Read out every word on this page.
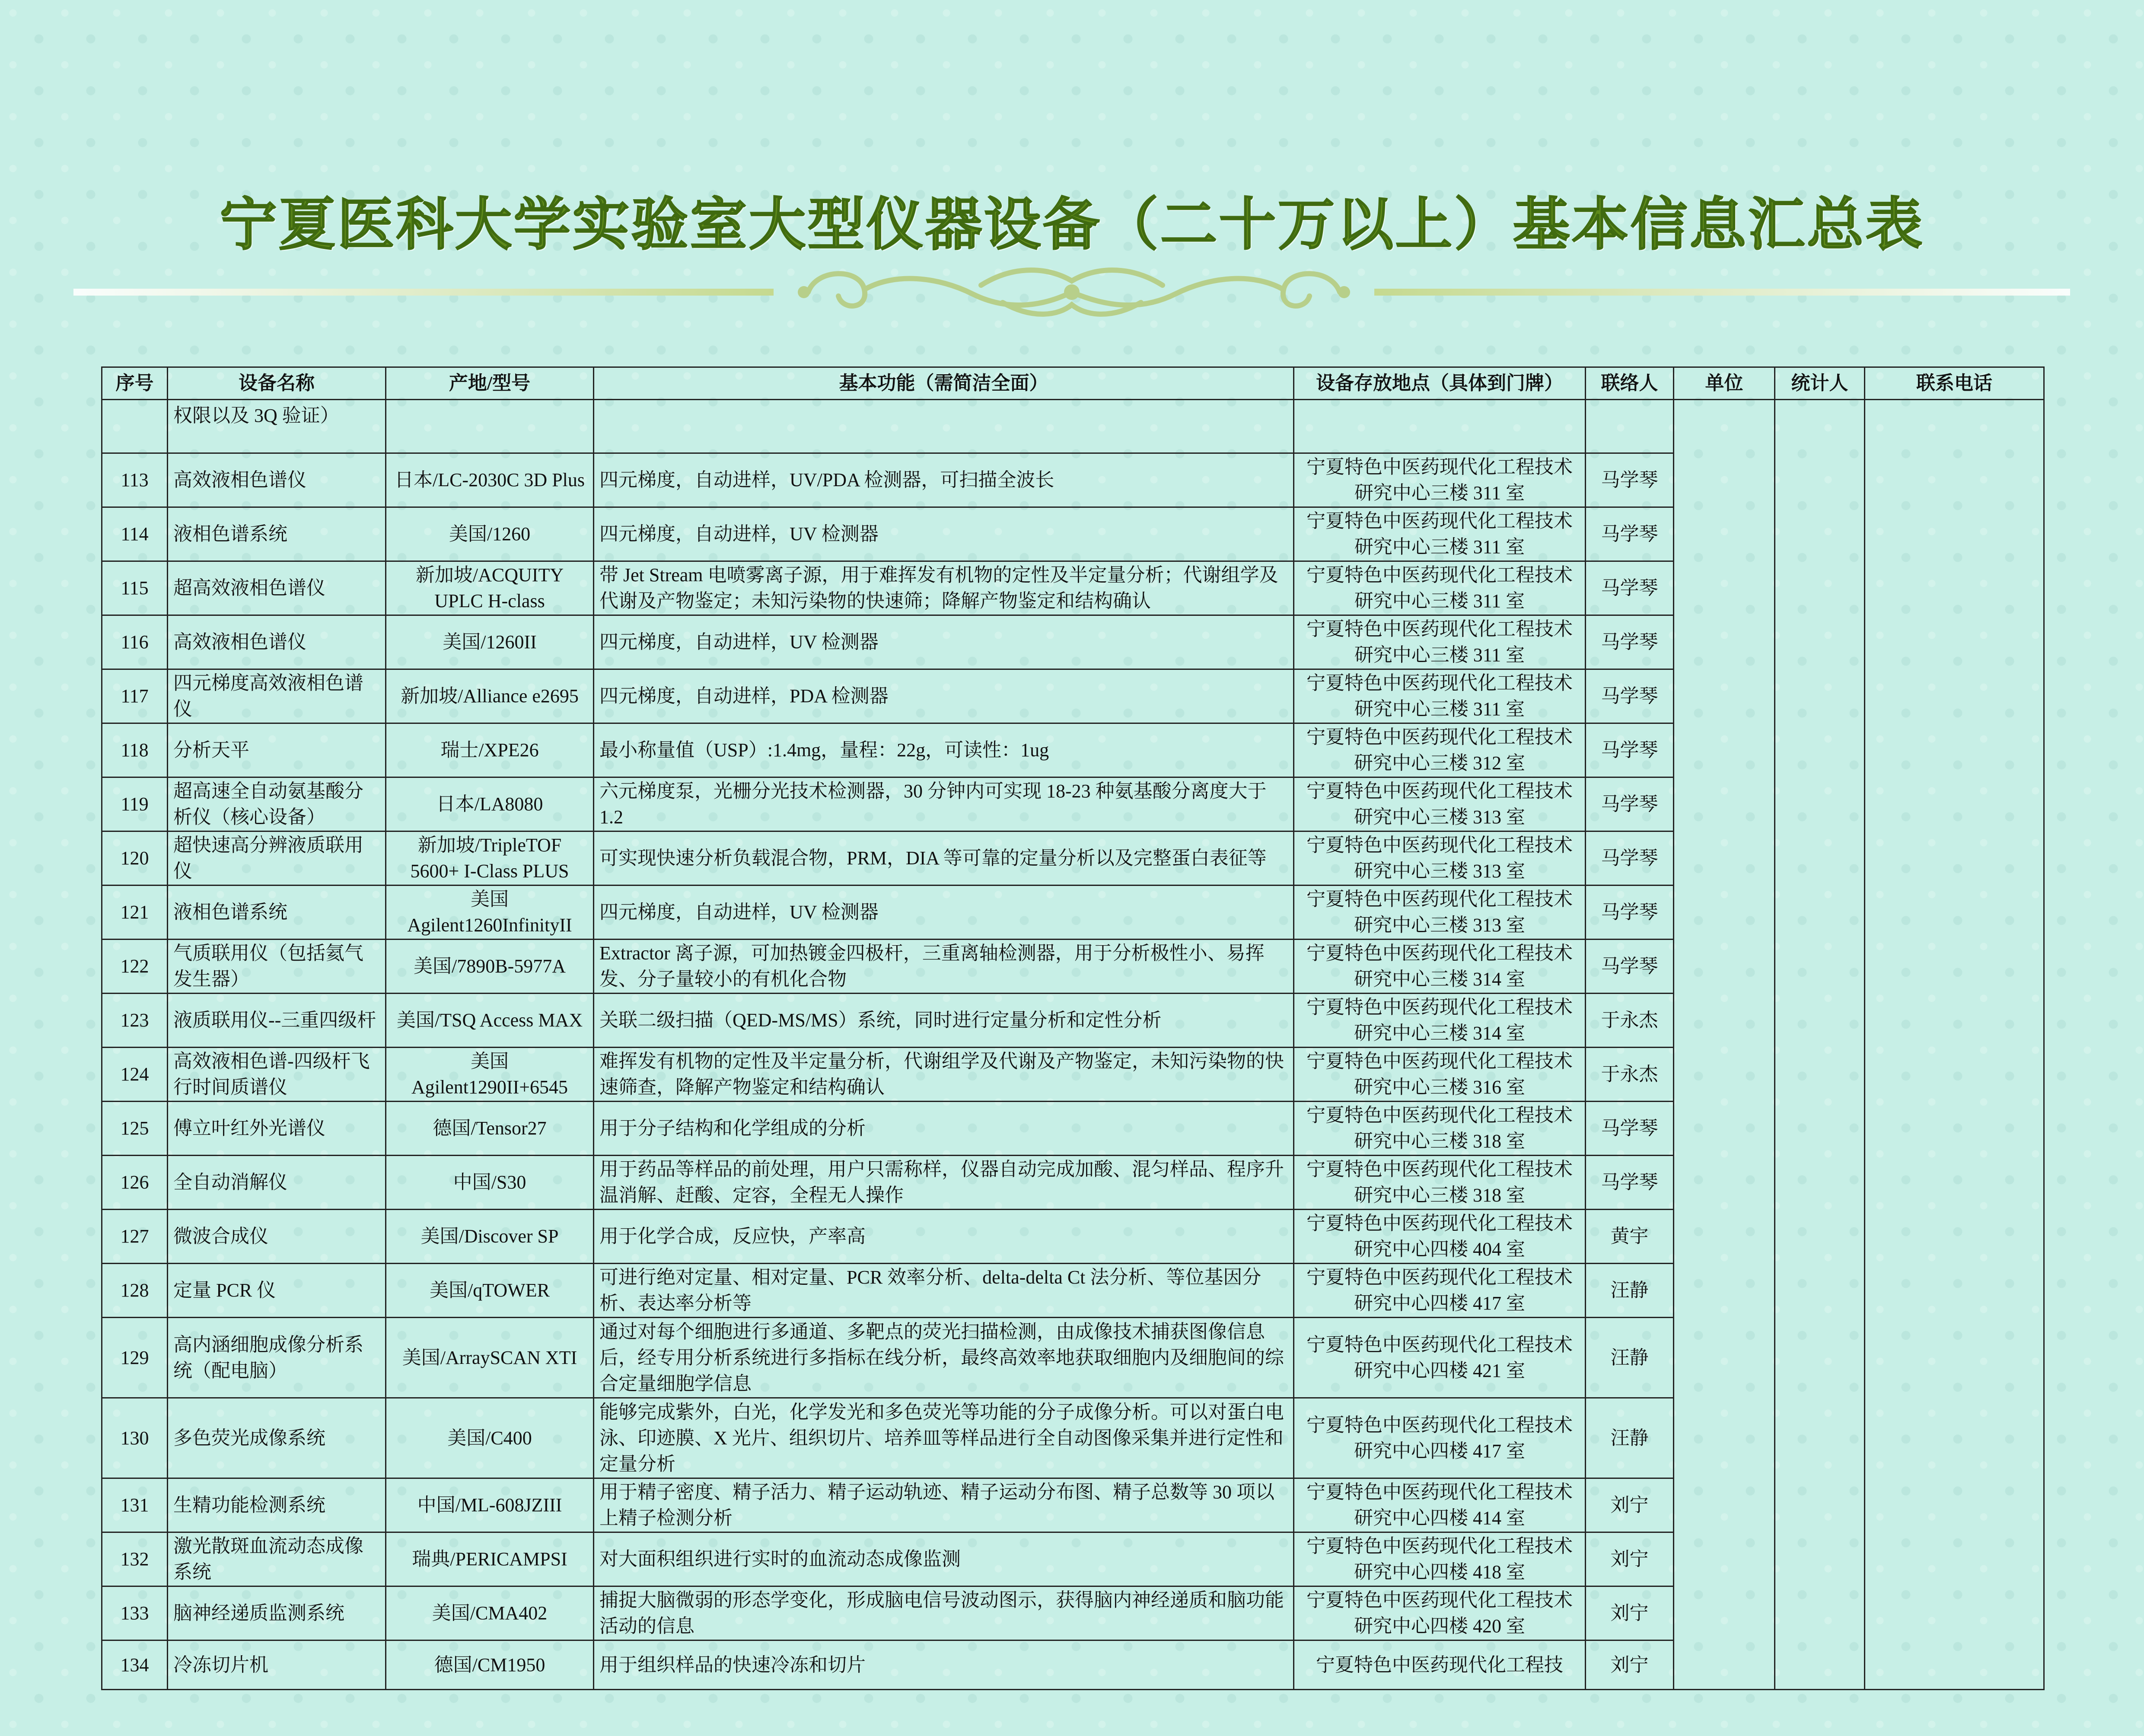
宁夏医科大学实验室大型仪器设备（二十万以上）基本信息汇总表
序号	设备名称	产地/型号	基本功能（需简洁全面）	设备存放地点（具体到门牌）	联络人	单位	统计人	联系电话
	权限以及 3Q 验证）							
113	高效液相色谱仪	日本/LC-2030C 3D Plus	四元梯度，自动进样，UV/PDA 检测器，可扫描全波长	宁夏特色中医药现代化工程技术研究中心三楼 311 室	马学琴			
114	液相色谱系统	美国/1260	四元梯度，自动进样，UV 检测器	宁夏特色中医药现代化工程技术研究中心三楼 311 室	马学琴			
115	超高效液相色谱仪	新加坡/ACQUITY UPLC H-class	带 Jet Stream 电喷雾离子源，用于难挥发有机物的定性及半定量分析；代谢组学及代谢及产物鉴定；未知污染物的快速筛；降解产物鉴定和结构确认	宁夏特色中医药现代化工程技术研究中心三楼 311 室	马学琴			
116	高效液相色谱仪	美国/1260II	四元梯度，自动进样，UV 检测器	宁夏特色中医药现代化工程技术研究中心三楼 311 室	马学琴			
117	四元梯度高效液相色谱仪	新加坡/Alliance e2695	四元梯度，自动进样，PDA 检测器	宁夏特色中医药现代化工程技术研究中心三楼 311 室	马学琴			
118	分析天平	瑞士/XPE26	最小称量值（USP）:1.4mg，量程：22g，可读性：1ug	宁夏特色中医药现代化工程技术研究中心三楼 312 室	马学琴			
119	超高速全自动氨基酸分析仪（核心设备）	日本/LA8080	六元梯度泵，光栅分光技术检测器，30 分钟内可实现 18-23 种氨基酸分离度大于 1.2	宁夏特色中医药现代化工程技术研究中心三楼 313 室	马学琴			
120	超快速高分辨液质联用仪	新加坡/TripleTOF 5600+ I-Class PLUS	可实现快速分析负载混合物，PRM，DIA 等可靠的定量分析以及完整蛋白表征等	宁夏特色中医药现代化工程技术研究中心三楼 313 室	马学琴			
121	液相色谱系统	美国 Agilent1260InfinityII	四元梯度，自动进样，UV 检测器	宁夏特色中医药现代化工程技术研究中心三楼 313 室	马学琴			
122	气质联用仪（包括氦气发生器）	美国/7890B-5977A	Extractor 离子源，可加热镀金四极杆，三重离轴检测器，用于分析极性小、易挥发、分子量较小的有机化合物	宁夏特色中医药现代化工程技术研究中心三楼 314 室	马学琴			
123	液质联用仪--三重四级杆	美国/TSQ Access MAX	关联二级扫描（QED-MS/MS）系统，同时进行定量分析和定性分析	宁夏特色中医药现代化工程技术研究中心三楼 314 室	于永杰			
124	高效液相色谱-四级杆飞行时间质谱仪	美国 Agilent1290II+6545	难挥发有机物的定性及半定量分析，代谢组学及代谢及产物鉴定，未知污染物的快速筛查，降解产物鉴定和结构确认	宁夏特色中医药现代化工程技术研究中心三楼 316 室	于永杰			
125	傅立叶红外光谱仪	德国/Tensor27	用于分子结构和化学组成的分析	宁夏特色中医药现代化工程技术研究中心三楼 318 室	马学琴			
126	全自动消解仪	中国/S30	用于药品等样品的前处理，用户只需称样，仪器自动完成加酸、混匀样品、程序升温消解、赶酸、定容，全程无人操作	宁夏特色中医药现代化工程技术研究中心三楼 318 室	马学琴			
127	微波合成仪	美国/Discover SP	用于化学合成，反应快，产率高	宁夏特色中医药现代化工程技术研究中心四楼 404 室	黄宇			
128	定量 PCR 仪	美国/qTOWER	可进行绝对定量、相对定量、PCR 效率分析、delta-delta Ct 法分析、等位基因分析、表达率分析等	宁夏特色中医药现代化工程技术研究中心四楼 417 室	汪静			
129	高内涵细胞成像分析系统（配电脑）	美国/ArraySCAN XTI	通过对每个细胞进行多通道、多靶点的荧光扫描检测，由成像技术捕获图像信息后，经专用分析系统进行多指标在线分析，最终高效率地获取细胞内及细胞间的综合定量细胞学信息	宁夏特色中医药现代化工程技术研究中心四楼 421 室	汪静			
130	多色荧光成像系统	美国/C400	能够完成紫外，白光，化学发光和多色荧光等功能的分子成像分析。可以对蛋白电泳、印迹膜、X 光片、组织切片、培养皿等样品进行全自动图像采集并进行定性和定量分析	宁夏特色中医药现代化工程技术研究中心四楼 417 室	汪静			
131	生精功能检测系统	中国/ML-608JZIII	用于精子密度、精子活力、精子运动轨迹、精子运动分布图、精子总数等 30 项以上精子检测分析	宁夏特色中医药现代化工程技术研究中心四楼 414 室	刘宁			
132	激光散斑血流动态成像系统	瑞典/PERICAMPSI	对大面积组织进行实时的血流动态成像监测	宁夏特色中医药现代化工程技术研究中心四楼 418 室	刘宁			
133	脑神经递质监测系统	美国/CMA402	捕捉大脑微弱的形态学变化，形成脑电信号波动图示，获得脑内神经递质和脑功能活动的信息	宁夏特色中医药现代化工程技术研究中心四楼 420 室	刘宁			
134	冷冻切片机	德国/CM1950	用于组织样品的快速冷冻和切片	宁夏特色中医药现代化工程技	刘宁			
